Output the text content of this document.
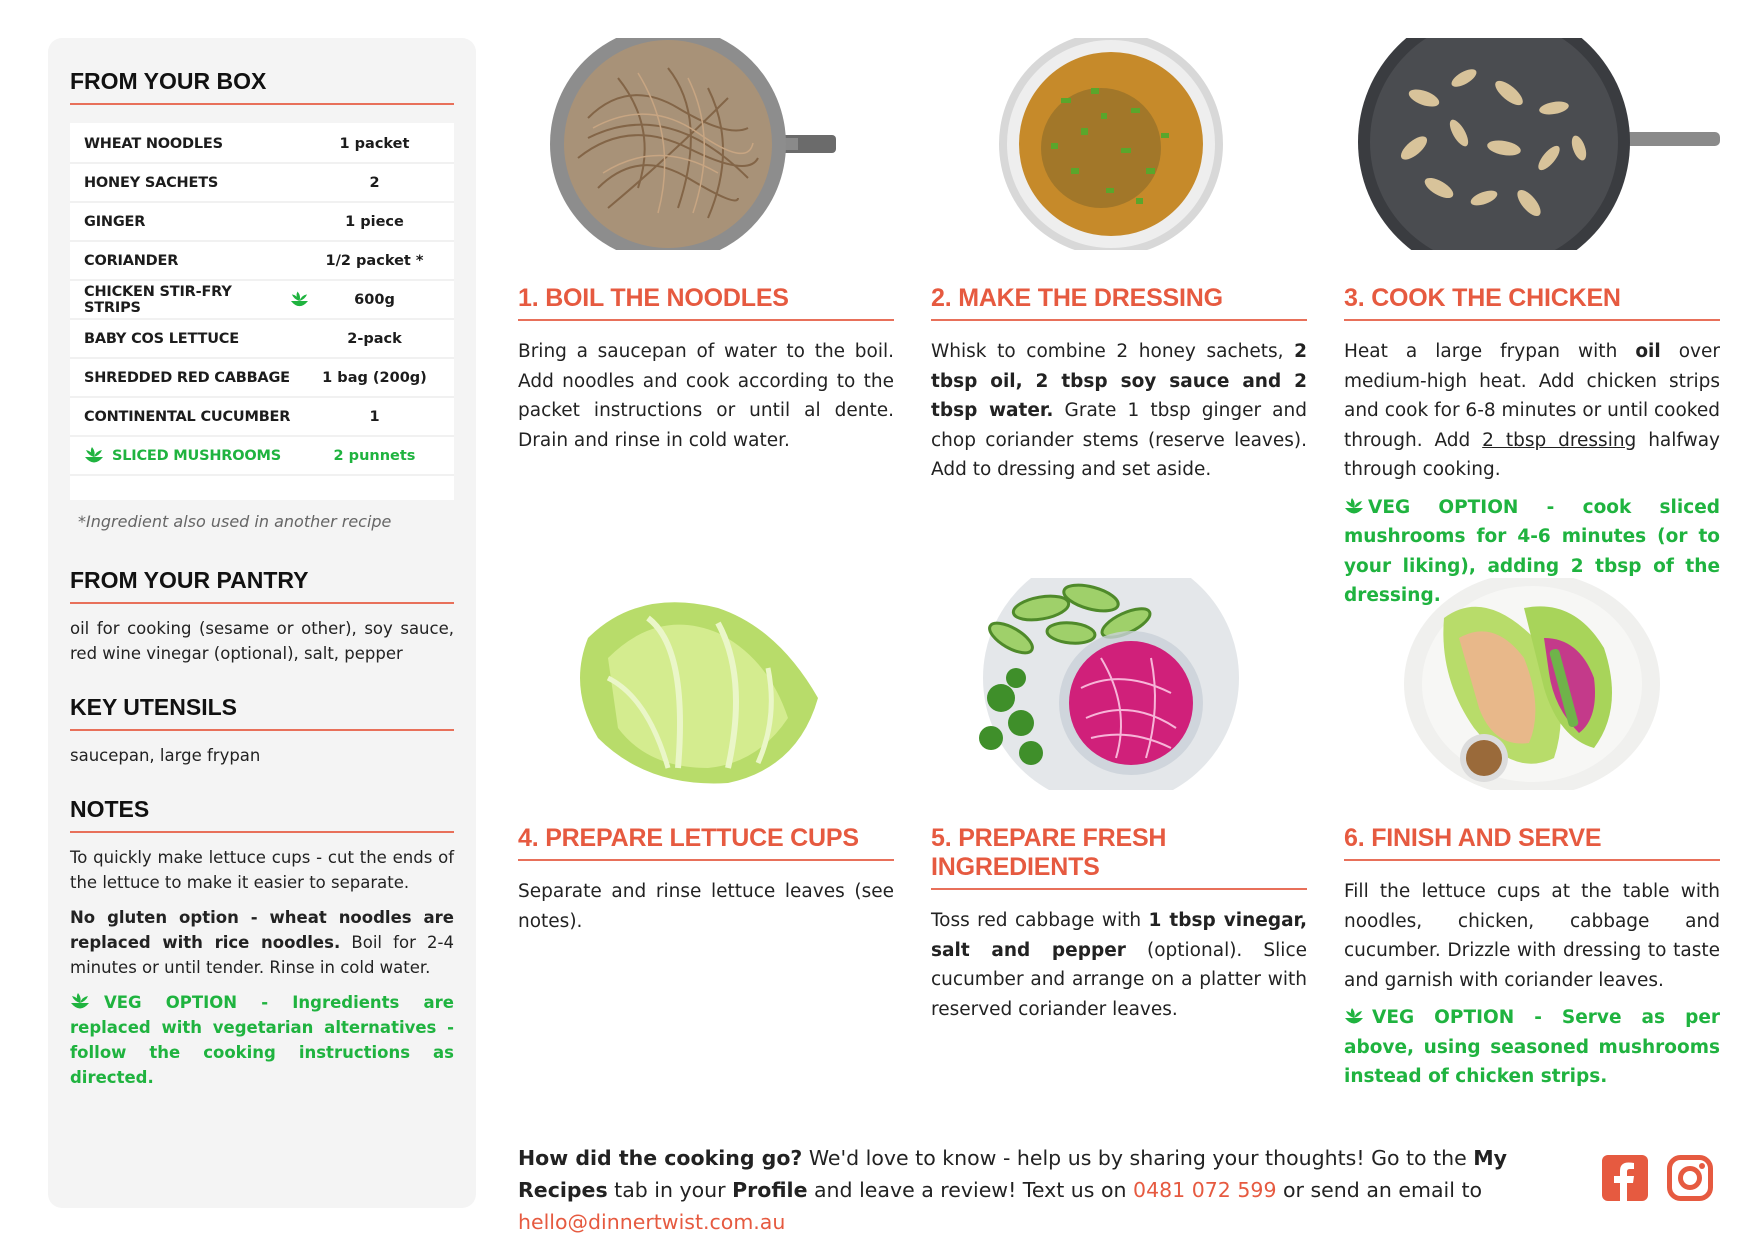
FROM YOUR BOX
WHEAT NOODLES	1 packet
HONEY SACHETS	2
GINGER	1 piece
CORIANDER	1/2 packet *
CHICKEN STIR-FRY STRIPS	600g
BABY COS LETTUCE	2-pack
SHREDDED RED CABBAGE	1 bag (200g)
CONTINENTAL CUCUMBER	1
SLICED MUSHROOMS	2 punnets
*Ingredient also used in another recipe
FROM YOUR PANTRY

oil for cooking (sesame or other), soy sauce, red wine vinegar (optional), salt, pepper

KEY UTENSILS

saucepan, large frypan

NOTES

To quickly make lettuce cups - cut the ends of the lettuce to make it easier to separate.

No gluten option - wheat noodles are replaced with rice noodles. Boil for 2-4 minutes or until tender. Rinse in cold water.

VEG OPTION - Ingredients are replaced with vegetarian alternatives - follow the cooking instructions as directed.

1. BOIL THE NOODLES

Bring a saucepan of water to the boil. Add noodles and cook according to the packet instructions or until al dente. Drain and rinse in cold water.

2. MAKE THE DRESSING

Whisk to combine 2 honey sachets, 2 tbsp oil, 2 tbsp soy sauce and 2 tbsp water. Grate 1 tbsp ginger and chop coriander stems (reserve leaves). Add to dressing and set aside.

3. COOK THE CHICKEN

Heat a large frypan with oil over medium-high heat. Add chicken strips and cook for 6-8 minutes or until cooked through. Add 2 tbsp dressing halfway through cooking.

VEG OPTION - cook sliced mushrooms for 4-6 minutes (or to your liking), adding 2 tbsp of the dressing.

4. PREPARE LETTUCE CUPS

Separate and rinse lettuce leaves (see notes).

5. PREPARE FRESH INGREDIENTS

Toss red cabbage with 1 tbsp vinegar, salt and pepper (optional). Slice cucumber and arrange on a platter with reserved coriander leaves.

6. FINISH AND SERVE

Fill the lettuce cups at the table with noodles, chicken, cabbage and cucumber. Drizzle with dressing to taste and garnish with coriander leaves.

VEG OPTION - Serve as per above, using seasoned mushrooms instead of chicken strips.

How did the cooking go? We'd love to know - help us by sharing your thoughts! Go to the My Recipes tab in your Profile and leave a review! Text us on 0481 072 599 or send an email to hello@dinnertwist.com.au
